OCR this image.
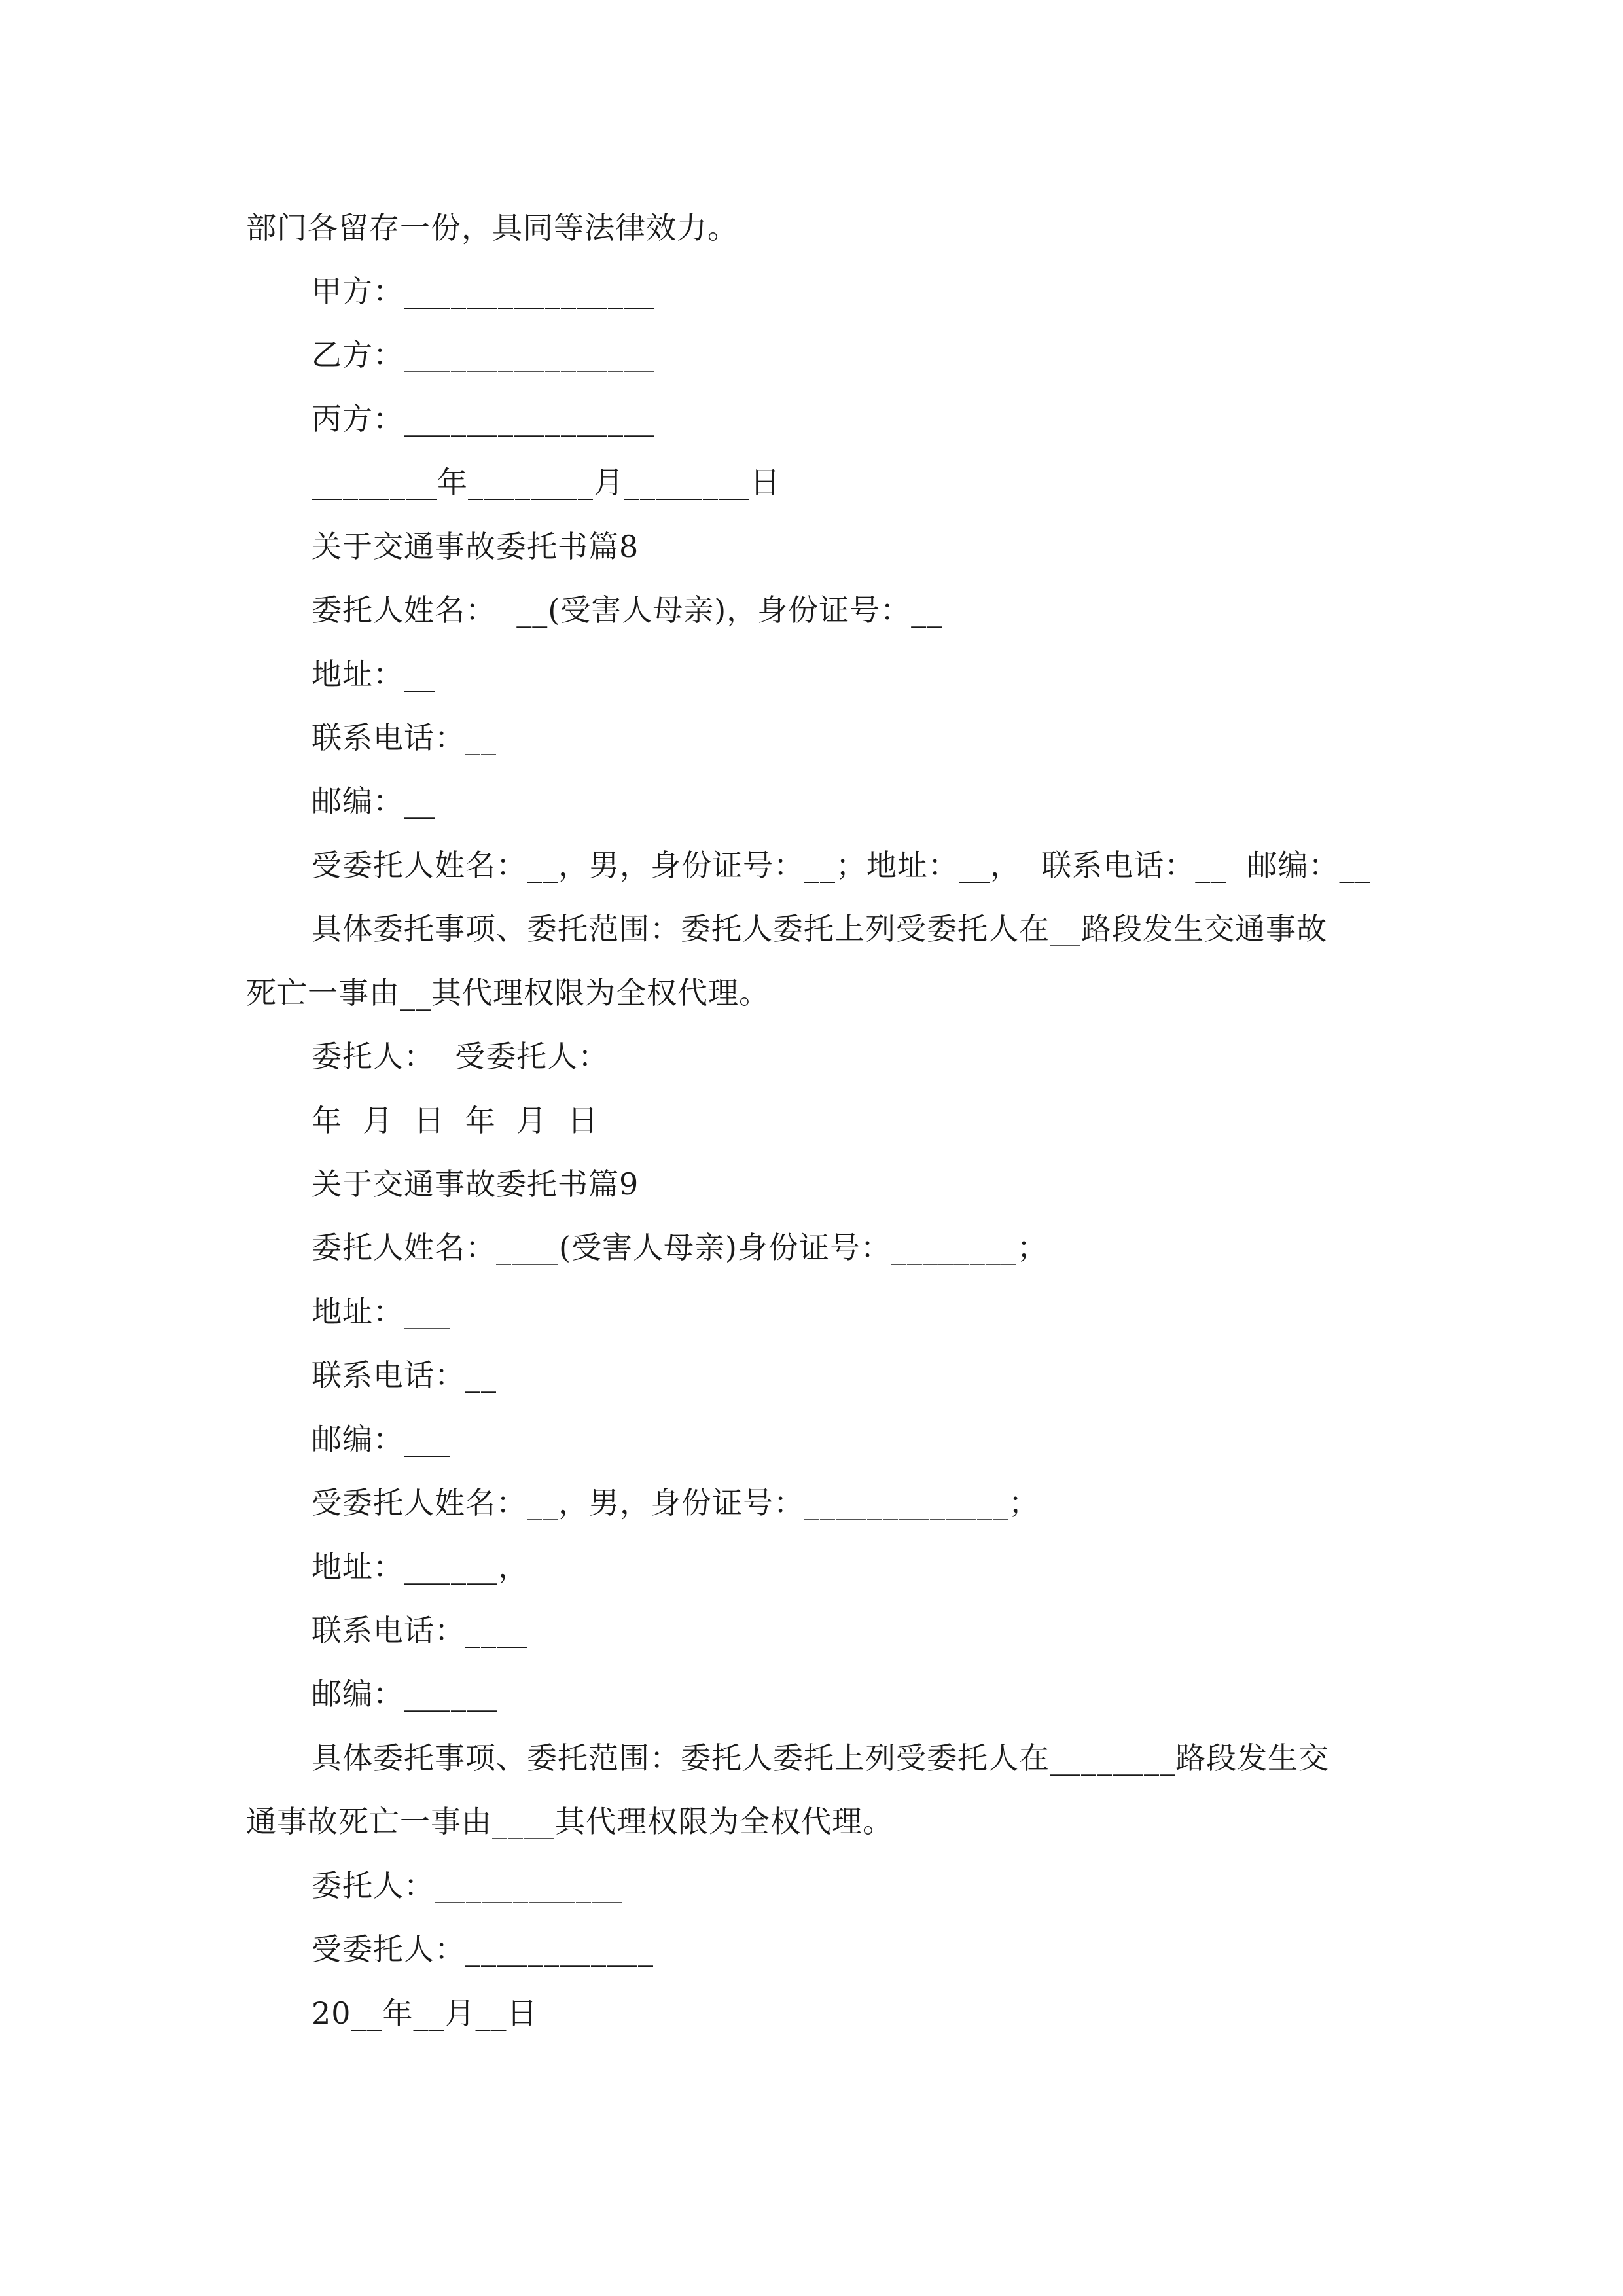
部门各留存一份，具同等法律效力。
甲方：________________
乙方：________________
丙方：________________
________年________月________日
关于交通事故委托书篇8
委托人姓名：  __(受害人母亲)，身份证号：__
地址：__
联系电话：__
邮编：__
受委托人姓名：__，男，身份证号：__；地址：__，  联系电话：__  邮编：__
具体委托事项、委托范围：委托人委托上列受委托人在__路段发生交通事故
死亡一事由__其代理权限为全权代理。
委托人：  受委托人：
年  月  日  年  月  日
关于交通事故委托书篇9
委托人姓名：____(受害人母亲)身份证号：________；
地址：___
联系电话：__
邮编：___
受委托人姓名：__，男，身份证号：_____________；
地址：______，
联系电话：____
邮编：______
具体委托事项、委托范围：委托人委托上列受委托人在________路段发生交
通事故死亡一事由____其代理权限为全权代理。
委托人：____________
受委托人：____________
20__年__月__日
